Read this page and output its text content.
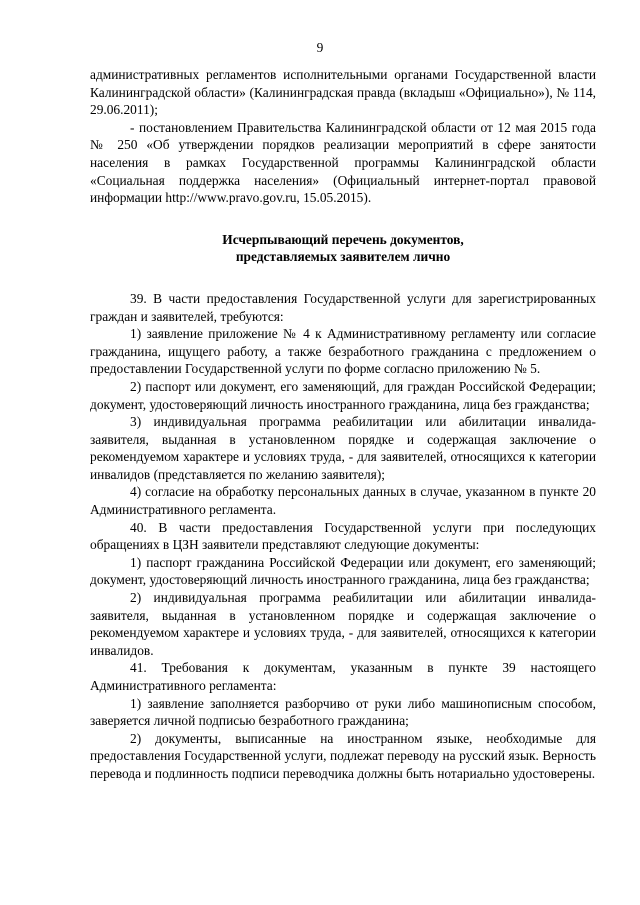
9

административных регламентов исполнительными органами Государственной власти Калининградской области» (Калининградская правда (вкладыш «Официально»), № 114, 29.06.2011);

- постановлением Правительства Калининградской области от 12 мая 2015 года № 250 «Об утверждении порядков реализации мероприятий в сфере занятости населения в рамках Государственной программы Калининградской области «Социальная поддержка населения» (Официальный интернет-портал правовой информации http://www.pravo.gov.ru, 15.05.2015).

Исчерпывающий перечень документов,

представляемых заявителем лично

39. В части предоставления Государственной услуги для зарегистрированных граждан и заявителей, требуются:

1) заявление приложение № 4 к Административному регламенту или согласие гражданина, ищущего работу, а также безработного гражданина с предложением о предоставлении Государственной услуги по форме согласно приложению № 5.

2) паспорт или документ, его заменяющий, для граждан Российской Федерации; документ, удостоверяющий личность иностранного гражданина, лица без гражданства;

3) индивидуальная программа реабилитации или абилитации инвалида-заявителя, выданная в установленном порядке и содержащая заключение о рекомендуемом характере и условиях труда, - для заявителей, относящихся к категории инвалидов (представляется по желанию заявителя);

4) согласие на обработку персональных данных в случае, указанном в пункте 20 Административного регламента.

40. В части предоставления Государственной услуги при последующих обращениях в ЦЗН заявители представляют следующие документы:

1) паспорт гражданина Российской Федерации или документ, его заменяющий; документ, удостоверяющий личность иностранного гражданина, лица без гражданства;

2) индивидуальная программа реабилитации или абилитации инвалида-заявителя, выданная в установленном порядке и содержащая заключение о рекомендуемом характере и условиях труда, - для заявителей, относящихся к категории инвалидов.

41. Требования к документам, указанным в пункте 39 настоящего Административного регламента:

1) заявление заполняется разборчиво от руки либо машинописным способом, заверяется личной подписью безработного гражданина;

2) документы, выписанные на иностранном языке, необходимые для предоставления Государственной услуги, подлежат переводу на русский язык. Верность перевода и подлинность подписи переводчика должны быть нотариально удостоверены.
